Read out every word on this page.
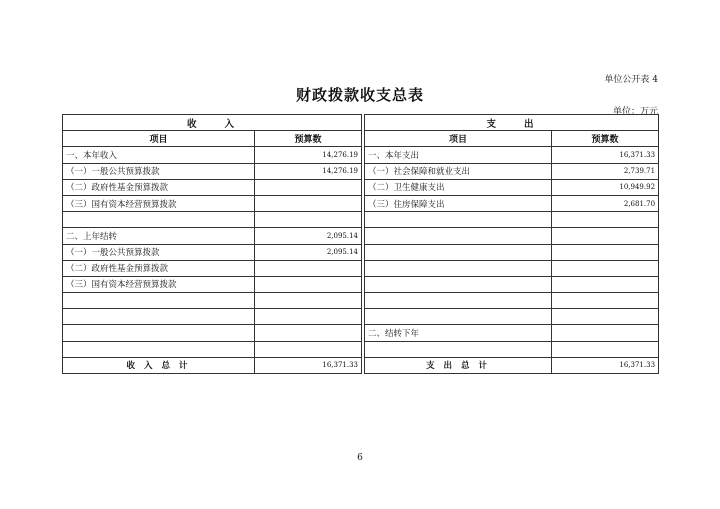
单位公开表 4
财政拨款收支总表
单位：万元
收　　入			支　　出	
项目	预算数		项目	预算数
一、本年收入	14,276.19		一、本年支出	16,371.33
（一）一般公共预算拨款	14,276.19		（一）社会保障和就业支出	2,739.71
（二）政府性基金预算拨款			（二）卫生健康支出	10,949.92
（三）国有资本经营预算拨款			（三）住房保障支出	2,681.70

二、上年结转	2,095.14			
（一）一般公共预算拨款	2,095.14			
（二）政府性基金预算拨款				
（三）国有资本经营预算拨款				

			二、结转下年	

收 入 总 计	16,371.33		支 出 总 计	16,371.33
6
